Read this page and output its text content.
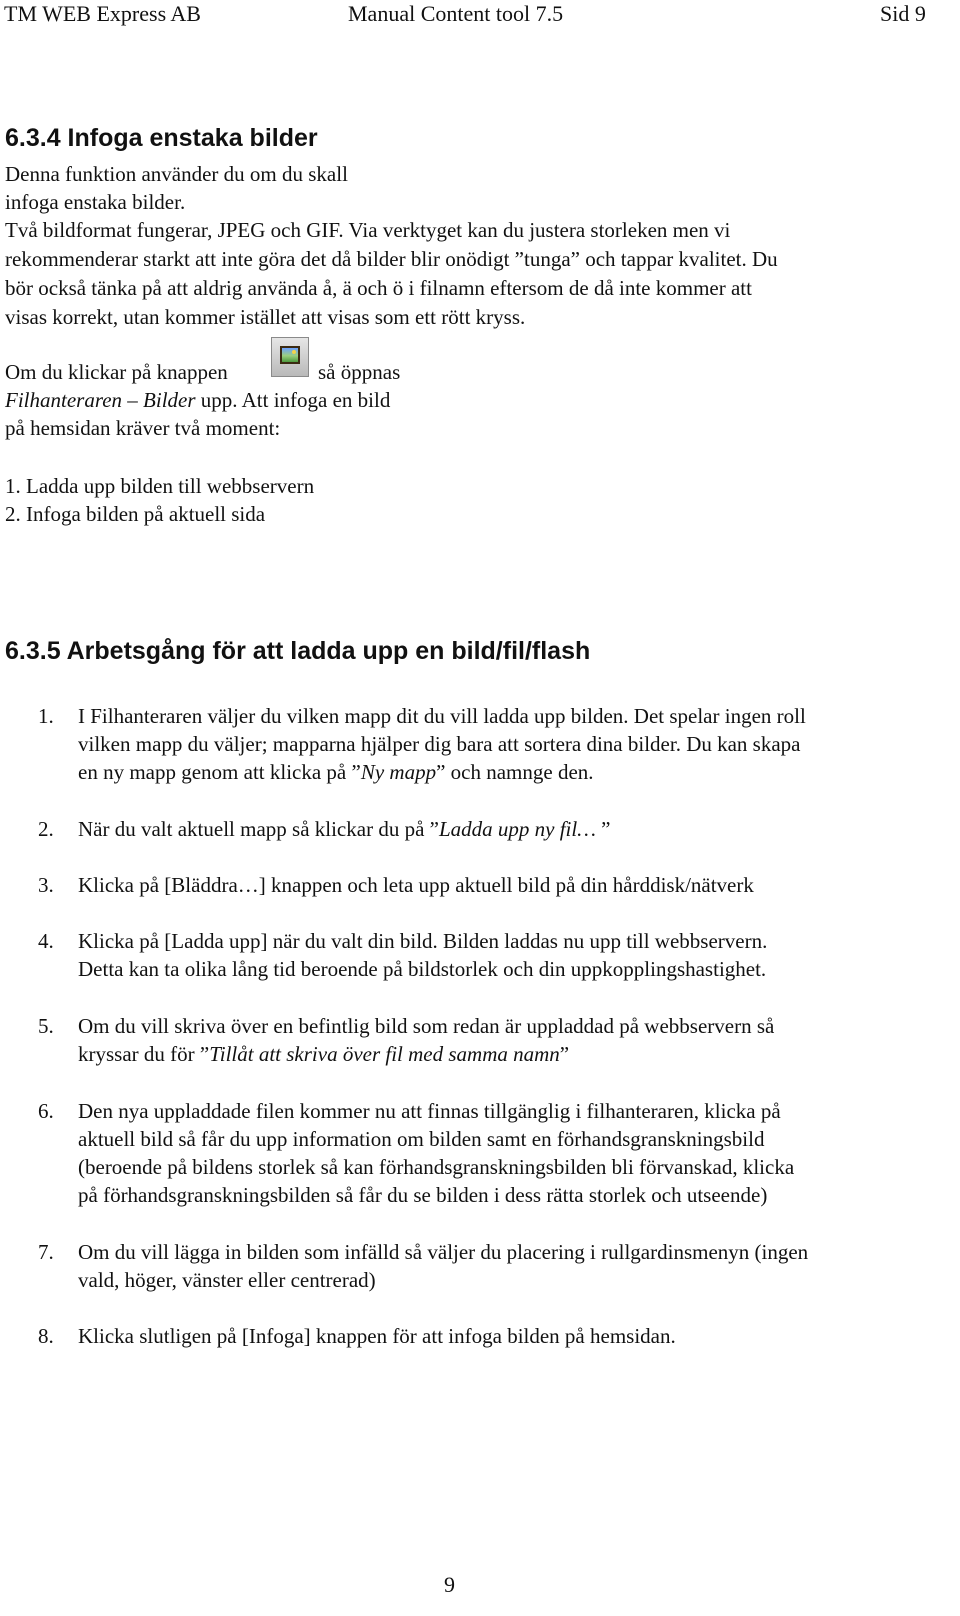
TM WEB Express AB	Manual Content tool 7.5	Sid 9
6.3.4 Infoga enstaka bilder
Denna funktion använder du om du skall
infoga enstaka bilder.
Två bildformat fungerar, JPEG och GIF. Via verktyget kan du justera storleken men vi
rekommenderar starkt att inte göra det då bilder blir onödigt ”tunga” och tappar kvalitet. Du
bör också tänka på att aldrig använda å, ä och ö i filnamn eftersom de då inte kommer att
visas korrekt, utan kommer istället att visas som ett rött kryss.
Om du klickar på knappen	så öppnas
Filhanteraren – Bilder upp. Att infoga en bild
på hemsidan kräver två moment:
1. Ladda upp bilden till webbservern
2. Infoga bilden på aktuell sida
6.3.5 Arbetsgång för att ladda upp en bild/fil/flash
1. I Filhanteraren väljer du vilken mapp dit du vill ladda upp bilden. Det spelar ingen roll
vilken mapp du väljer; mapparna hjälper dig bara att sortera dina bilder. Du kan skapa
en ny mapp genom att klicka på ”Ny mapp” och namnge den.
2. När du valt aktuell mapp så klickar du på ”Ladda upp ny fil… ”
3. Klicka på [Bläddra…] knappen och leta upp aktuell bild på din hårddisk/nätverk
4. Klicka på [Ladda upp] när du valt din bild. Bilden laddas nu upp till webbservern.
Detta kan ta olika lång tid beroende på bildstorlek och din uppkopplingshastighet.
5. Om du vill skriva över en befintlig bild som redan är uppladdad på webbservern så
kryssar du för ”Tillåt att skriva över fil med samma namn”
6. Den nya uppladdade filen kommer nu att finnas tillgänglig i filhanteraren, klicka på
aktuell bild så får du upp information om bilden samt en förhandsgranskningsbild
(beroende på bildens storlek så kan förhandsgranskningsbilden bli förvanskad, klicka
på förhandsgranskningsbilden så får du se bilden i dess rätta storlek och utseende)
7. Om du vill lägga in bilden som infälld så väljer du placering i rullgardinsmenyn (ingen
vald, höger, vänster eller centrerad)
8. Klicka slutligen på [Infoga] knappen för att infoga bilden på hemsidan.
9
